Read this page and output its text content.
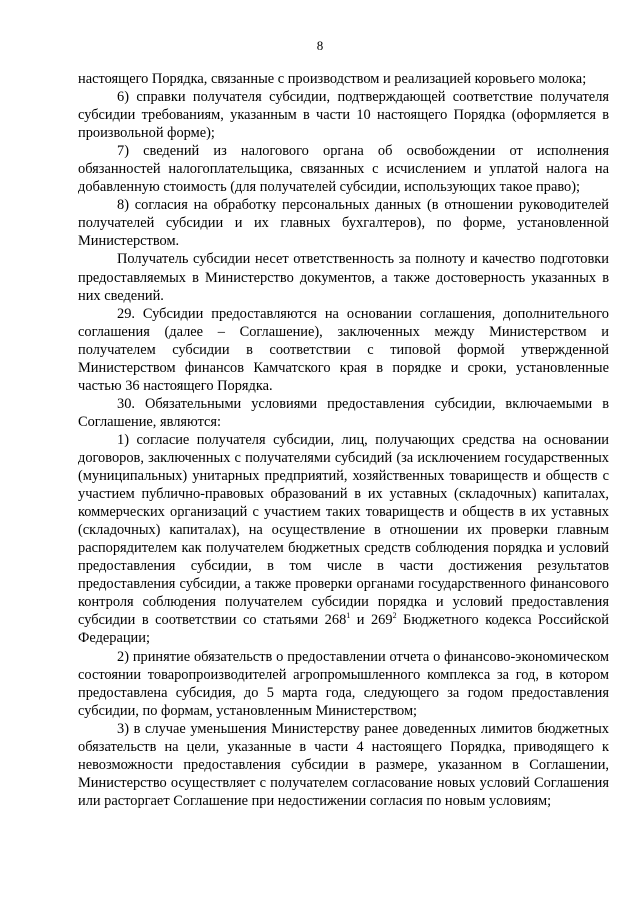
8

настоящего Порядка, связанные с производством и реализацией коровьего молока;

6) справки получателя субсидии, подтверждающей соответствие получателя субсидии требованиям, указанным в части 10 настоящего Порядка (оформляется в произвольной форме);

7) сведений из налогового органа об освобождении от исполнения обязанностей налогоплательщика, связанных с исчислением и уплатой налога на добавленную стоимость (для получателей субсидии, использующих такое право);

8) согласия на обработку персональных данных (в отношении руководителей получателей субсидии и их главных бухгалтеров), по форме, установленной Министерством.

Получатель субсидии несет ответственность за полноту и качество подготовки предоставляемых в Министерство документов, а также достоверность указанных в них сведений.

29. Субсидии предоставляются на основании соглашения, дополнительного соглашения (далее – Соглашение), заключенных между Министерством и получателем субсидии в соответствии с типовой формой утвержденной Министерством финансов Камчатского края в порядке и сроки, установленные частью 36 настоящего Порядка.

30. Обязательными условиями предоставления субсидии, включаемыми в Соглашение, являются:

1) согласие получателя субсидии, лиц, получающих средства на основании договоров, заключенных с получателями субсидий (за исключением государственных (муниципальных) унитарных предприятий, хозяйственных товариществ и обществ с участием публично-правовых образований в их уставных (складочных) капиталах, коммерческих организаций с участием таких товариществ и обществ в их уставных (складочных) капиталах), на осуществление в отношении их проверки главным распорядителем как получателем бюджетных средств соблюдения порядка и условий предоставления субсидии, в том числе в части достижения результатов предоставления субсидии, а также проверки органами государственного финансового контроля соблюдения получателем субсидии порядка и условий предоставления субсидии в соответствии со статьями $268^1$ и $269^2$ Бюджетного кодекса Российской Федерации;

2) принятие обязательств о предоставлении отчета о финансово-экономическом состоянии товаропроизводителей агропромышленного комплекса за год, в котором предоставлена субсидия, до 5 марта года, следующего за годом предоставления субсидии, по формам, установленным Министерством;

3) в случае уменьшения Министерству ранее доведенных лимитов бюджетных обязательств на цели, указанные в части 4 настоящего Порядка, приводящего к невозможности предоставления субсидии в размере, указанном в Соглашении, Министерство осуществляет с получателем согласование новых условий Соглашения или расторгает Соглашение при недостижении согласия по новым условиям;
